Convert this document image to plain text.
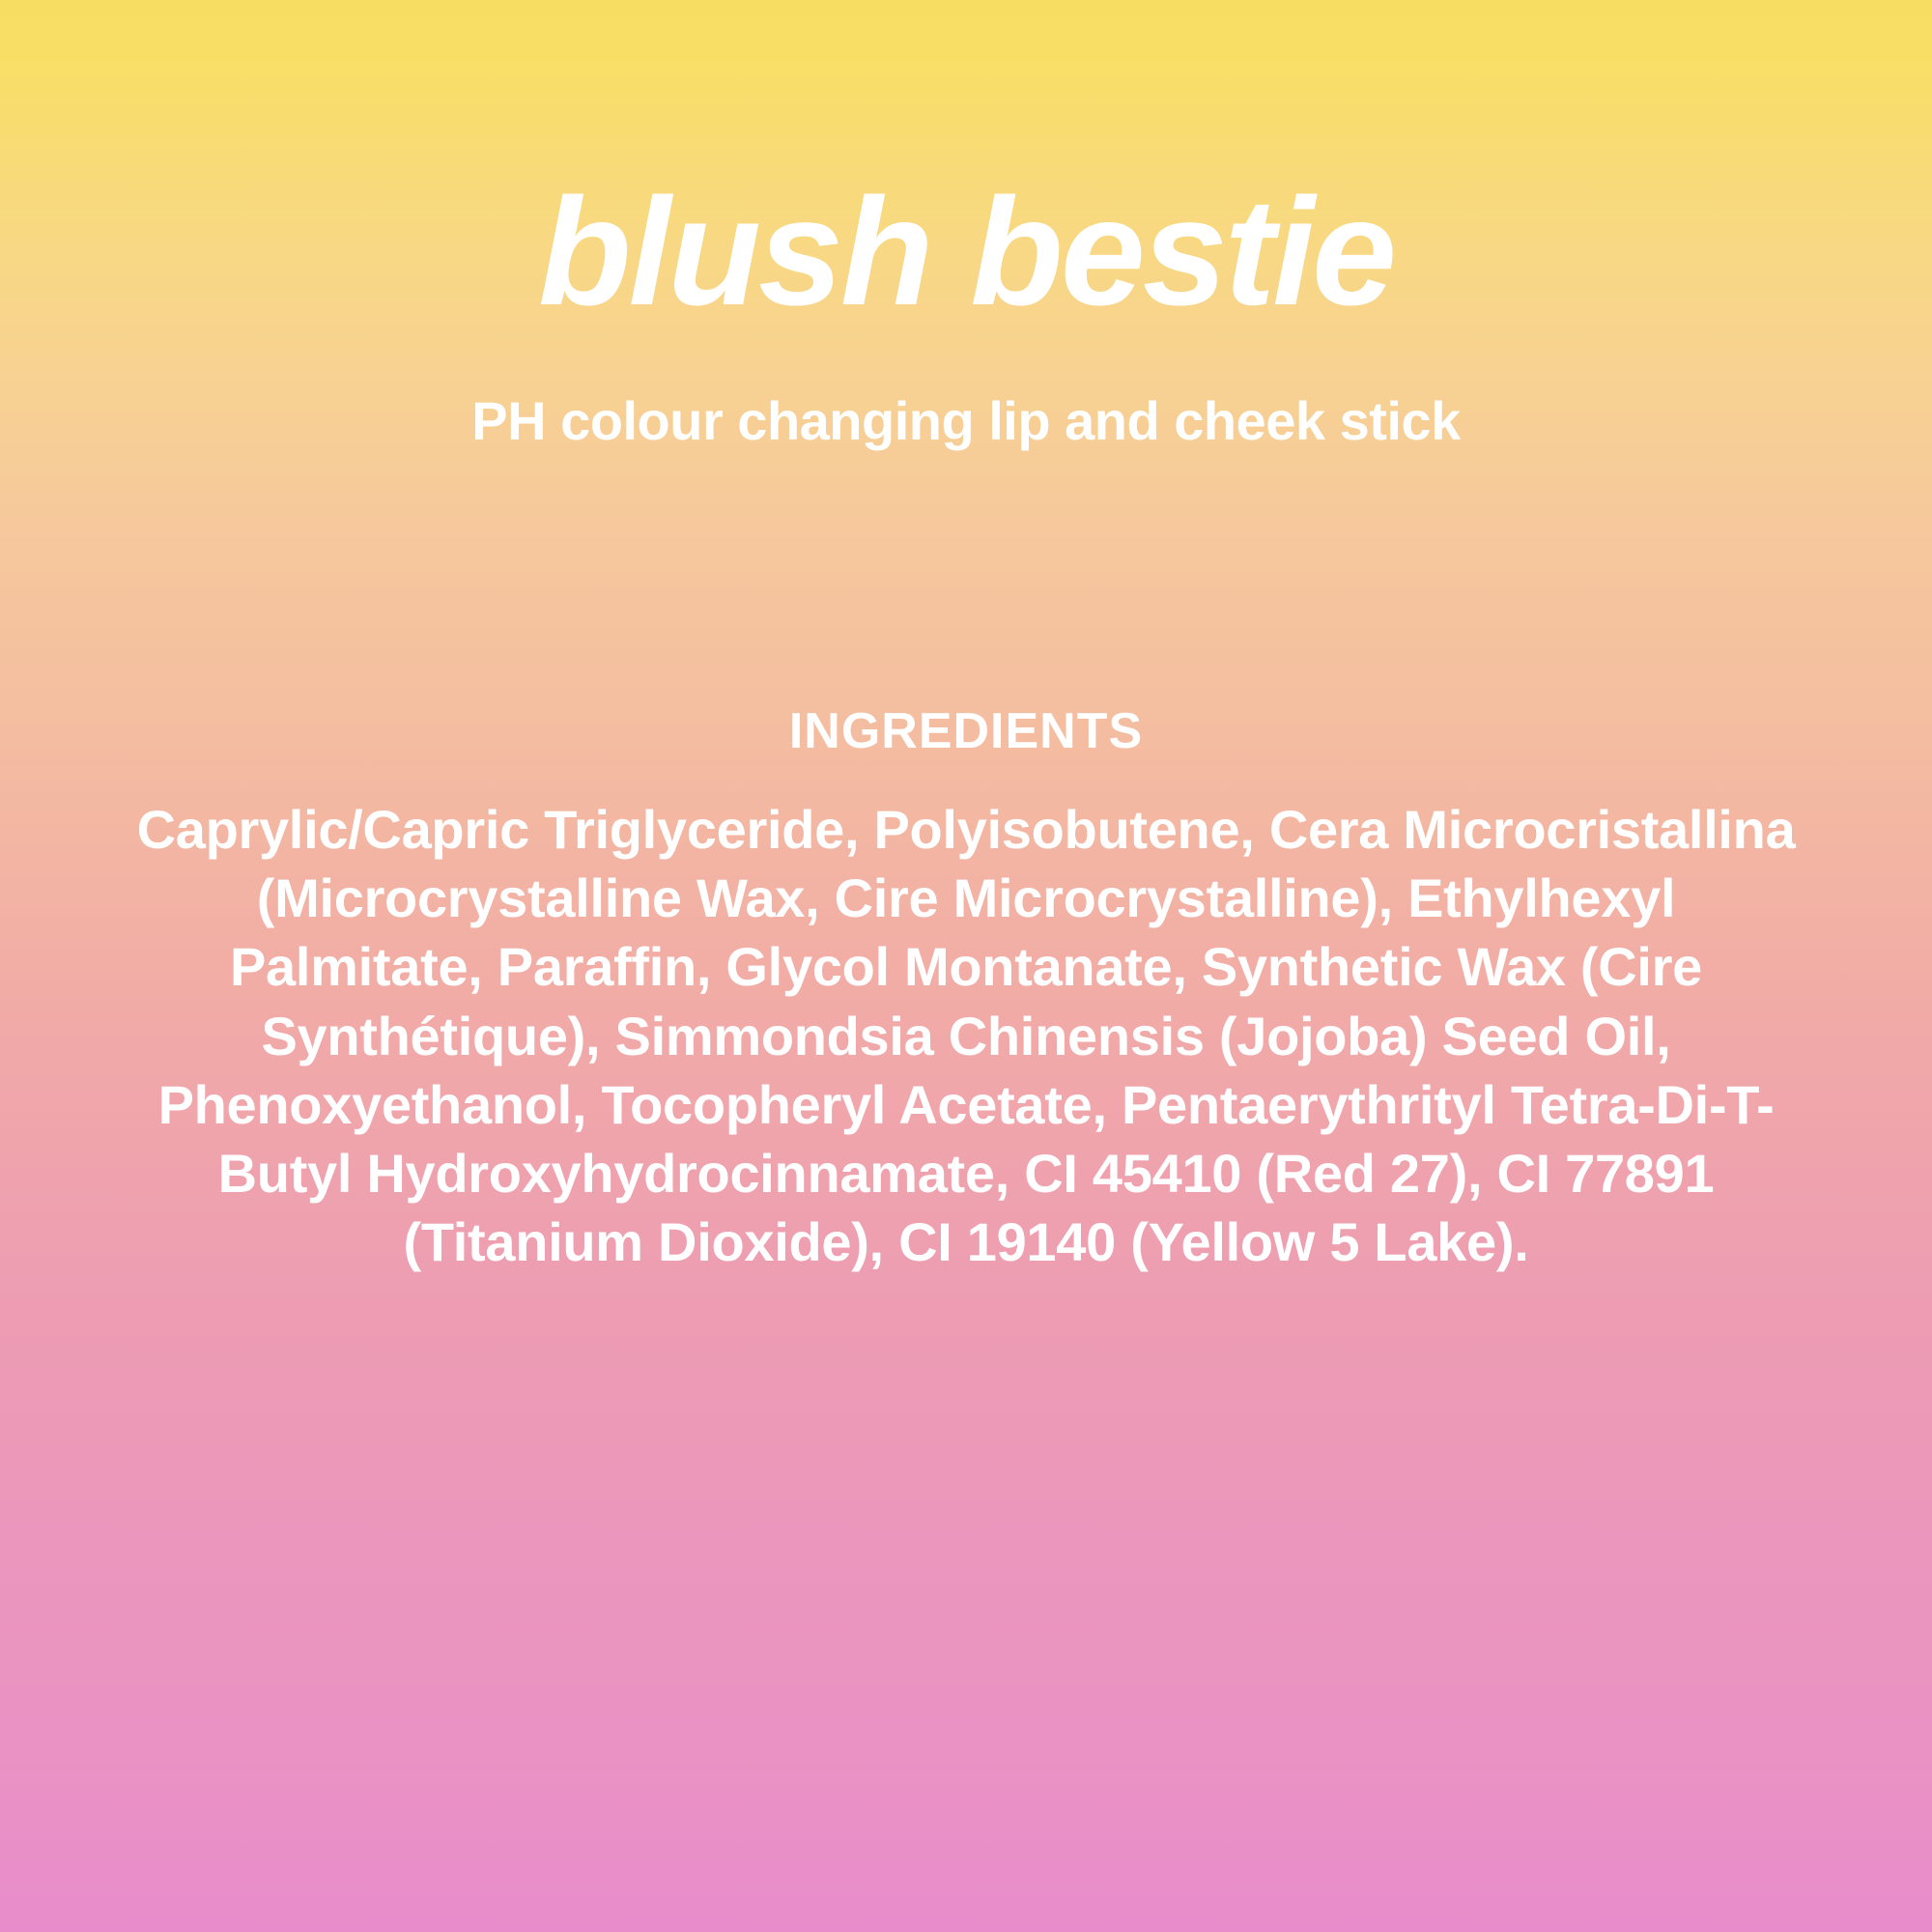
blush bestie
PH colour changing lip and cheek stick
INGREDIENTS
Caprylic/Capric Triglyceride, Polyisobutene, Cera Microcristallina (Microcrystalline Wax, Cire Microcrystalline), Ethylhexyl Palmitate, Paraffin, Glycol Montanate, Synthetic Wax (Cire Synthétique), Simmondsia Chinensis (Jojoba) Seed Oil, Phenoxyethanol, Tocopheryl Acetate, Pentaerythrityl Tetra-Di-T-Butyl Hydroxyhydrocinnamate, CI 45410 (Red 27), CI 77891 (Titanium Dioxide), CI 19140 (Yellow 5 Lake).
